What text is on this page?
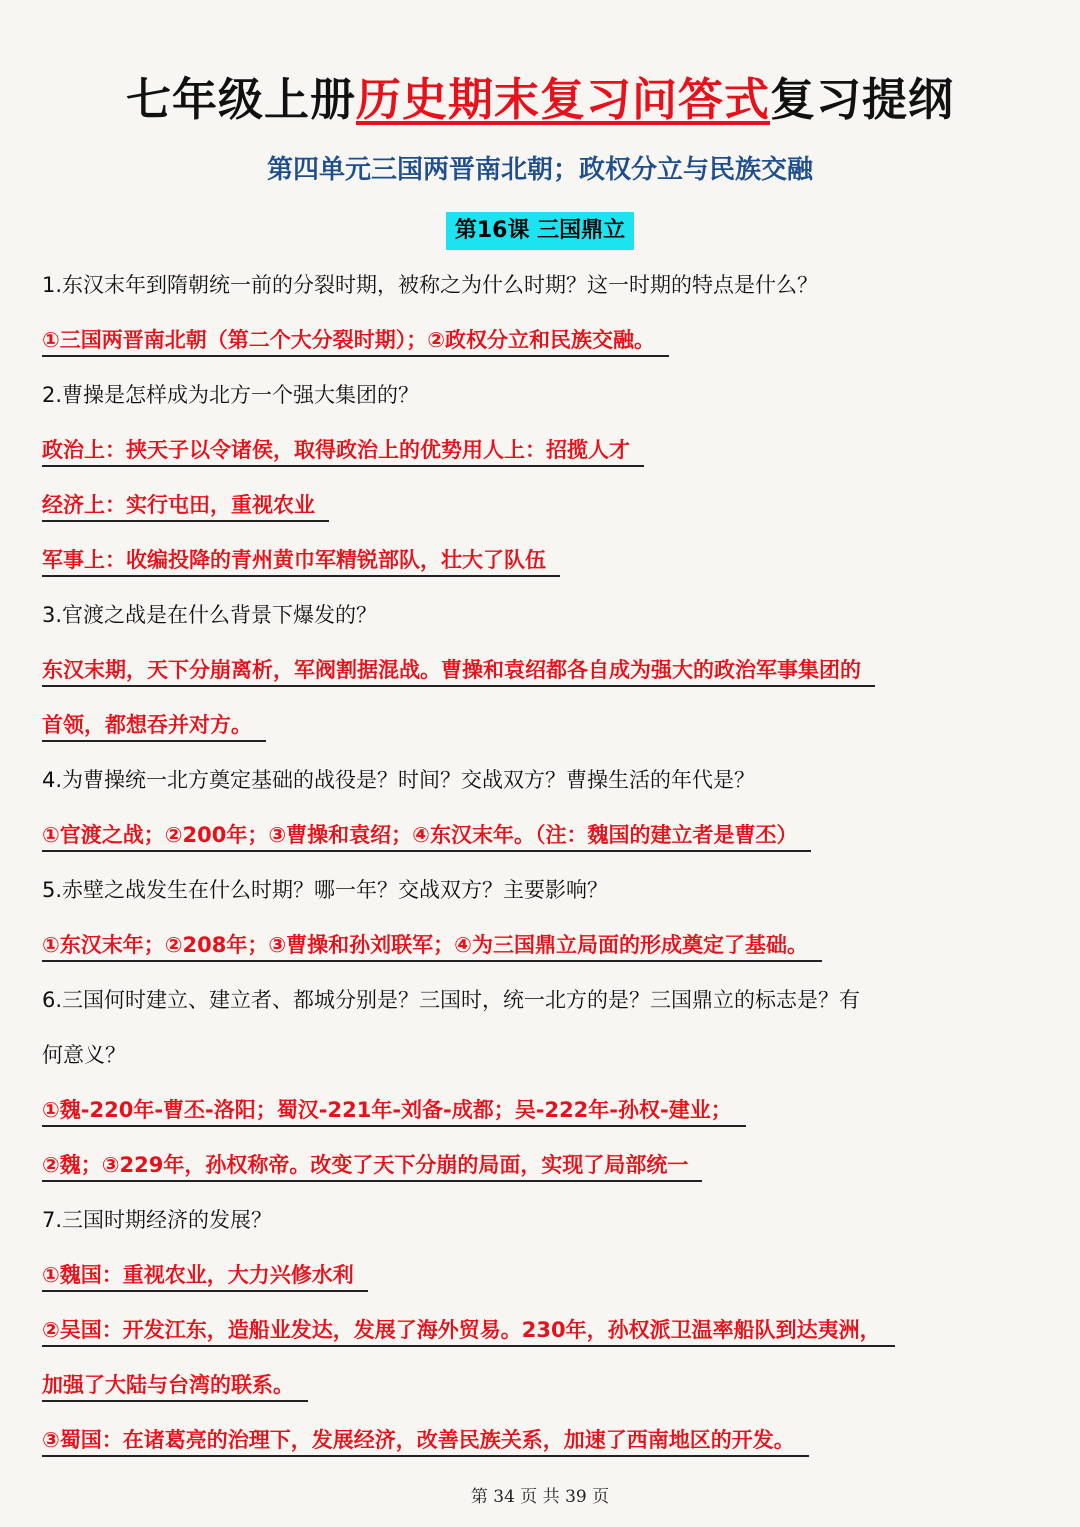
七年级上册历史期末复习问答式复习提纲
第四单元三国两晋南北朝；政权分立与民族交融
第16课 三国鼎立
1.东汉末年到隋朝统一前的分裂时期，被称之为什么时期？这一时期的特点是什么？
①三国两晋南北朝（第二个大分裂时期）；②政权分立和民族交融。
2.曹操是怎样成为北方一个强大集团的？
政治上：挟天子以令诸侯，取得政治上的优势用人上：招揽人才
经济上：实行屯田，重视农业
军事上：收编投降的青州黄巾军精锐部队，壮大了队伍
3.官渡之战是在什么背景下爆发的？
东汉末期，天下分崩离析，军阀割据混战。曹操和袁绍都各自成为强大的政治军事集团的
首领，都想吞并对方。
4.为曹操统一北方奠定基础的战役是？时间？交战双方？曹操生活的年代是？
①官渡之战；②200年；③曹操和袁绍；④东汉末年。（注：魏国的建立者是曹丕）
5.赤壁之战发生在什么时期？哪一年？交战双方？主要影响？
①东汉末年；②208年；③曹操和孙刘联军；④为三国鼎立局面的形成奠定了基础。
6.三国何时建立、建立者、都城分别是？三国时，统一北方的是？三国鼎立的标志是？有
何意义？
①魏-220年-曹丕-洛阳；蜀汉-221年-刘备-成都；吴-222年-孙权-建业；
②魏；③229年，孙权称帝。改变了天下分崩的局面，实现了局部统一
7.三国时期经济的发展？
①魏国：重视农业，大力兴修水利
②吴国：开发江东，造船业发达，发展了海外贸易。230年，孙权派卫温率船队到达夷洲，
加强了大陆与台湾的联系。
③蜀国：在诸葛亮的治理下，发展经济，改善民族关系，加速了西南地区的开发。
第 34 页 共 39 页
